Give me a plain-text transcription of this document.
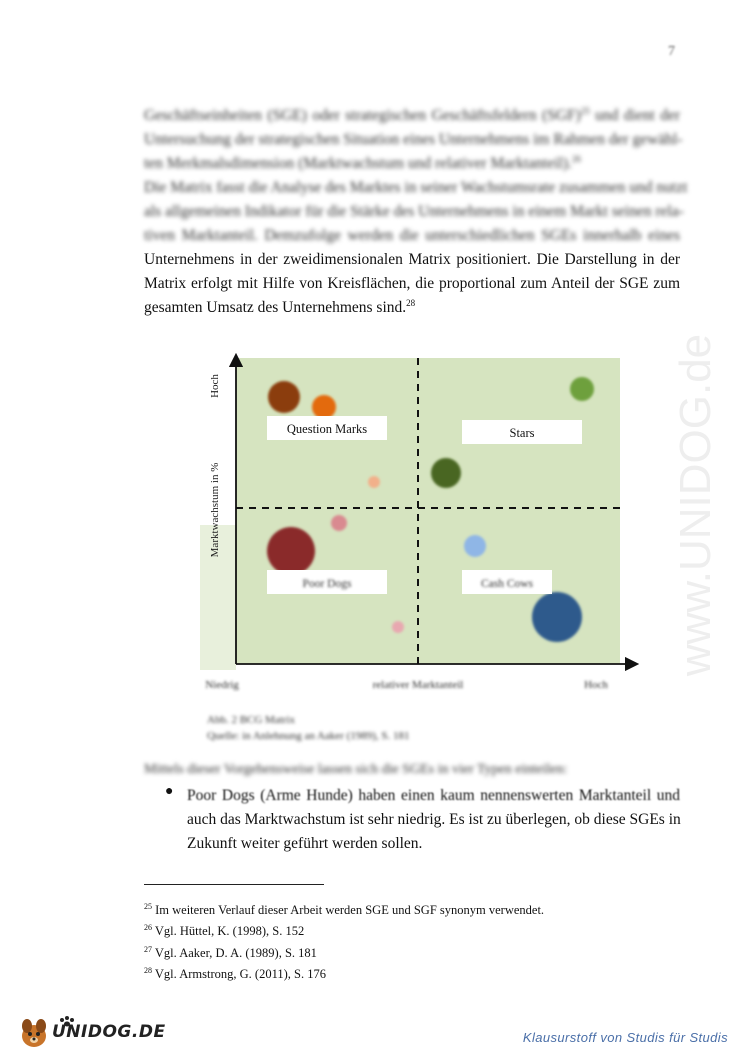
7

Geschäftseinheiten (SGE) oder strategischen Geschäftsfeldern (SGF)$^{25}$ und dient der
Untersuchung der strategischen Situation eines Unternehmens im Rahmen der gewähl-
ten Merkmalsdimension (Marktwachstum und relativer Marktanteil).$^{26}$

Die Matrix fasst die Analyse des Marktes in seiner Wachstumsrate zusammen und nutzt
als allgemeinen Indikator für die Stärke des Unternehmens in einem Markt seinen rela-
tiven Marktanteil. Demzufolge werden die unterschiedlichen SGEs innerhalb eines
Unternehmens in der zweidimensionalen Matrix positioniert. Die Darstellung in der
Matrix erfolgt mit Hilfe von Kreisflächen, die proportional zum Anteil der SGE zum
gesamten Umsatz des Unternehmens sind.$^{28}$

www.UNIDOG.de
Question Marks	Stars
Poor Dogs	Cash Cows
Hoch
Marktwachstum in %
Niedrig	relativer Marktanteil	Hoch
Abb. 2 BCG Matrix
Quelle: in Anlehnung an Aaker (1989), S. 181

Mittels dieser Vorgehensweise lassen sich die SGEs in vier Typen einteilen:

● Poor Dogs (Arme Hunde) haben einen kaum nennenswerten Marktanteil und
auch das Marktwachstum ist sehr niedrig. Es ist zu überlegen, ob diese SGEs in
Zukunft weiter geführt werden sollen.

$^{25}$ Im weiteren Verlauf dieser Arbeit werden SGE und SGF synonym verwendet.
$^{26}$ Vgl. Hüttel, K. (1998), S. 152
$^{27}$ Vgl. Aaker, D. A. (1989), S. 181
$^{28}$ Vgl. Armstrong, G. (2011), S. 176
UNIDOG.DE	Klausurstoff von Studis für Studis
